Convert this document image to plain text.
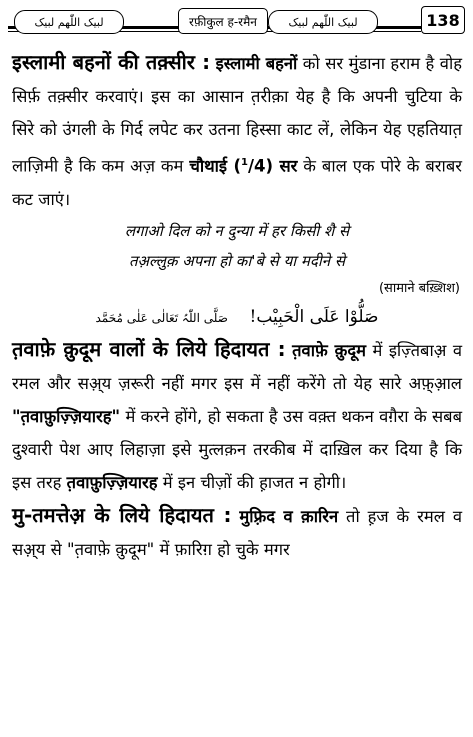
لبیک اللّٰھم لبیک	रफ़ीकुल ह-रमैन	لبیک اللّٰھم لبیک	138

इस्लामी बहनों की तक़्सीर : इस्लामी बहनों को सर मुंडाना हराम है वोह सिर्फ़ तक़्सीर करवाएं। इस का आसान त़रीक़ा येह है कि अपनी चुटिया के सिरे को उंगली के गिर्द लपेट कर उतना हिस्सा काट लें, लेकिन येह एहतियात़ लाज़िमी है कि कम अज़ कम चौथाई ($^1$/4) सर के बाल एक पोरे के बराबर कट जाएं।

लगाओ दिल को न दुन्या में हर किसी शै से

तअ़ल्लुक़ अपना हो का'बे से या मदीने से

(सामाने बख़्शिश)

صَلُّوْا عَلَی الْحَبِیْب!    صَلَّی اللّٰہُ تَعَالٰی عَلٰی مُحَمَّد

त़वाफ़े क़ुदूम वालों के लिये हिदायत : त़वाफ़े क़ुदूम में इज़्तिबाअ़ व रमल और सअ़्य ज़रूरी नहीं मगर इस में नहीं करेंगे तो येह सारे अफ़्आ़ल "त़वाफ़ुज़्ज़ियारह" में करने होंगे, हो सकता है उस वक़्त थकन वग़ैरा के सबब दुश्वारी पेश आए लिहाज़ा इसे मुत्लक़न तरकीब में दाख़िल कर दिया है कि इस तरह त़वाफ़ुज़्ज़ियारह में इन चीज़ों की ह़ाजत न होगी।

मु-तमत्तेअ़ के लिये हिदायत : मुफ़्रिद व क़ारिन तो ह़ज के रमल व सअ़्य से "त़वाफ़े क़ुदूम" में फ़ारिग़ हो चुके मगर
